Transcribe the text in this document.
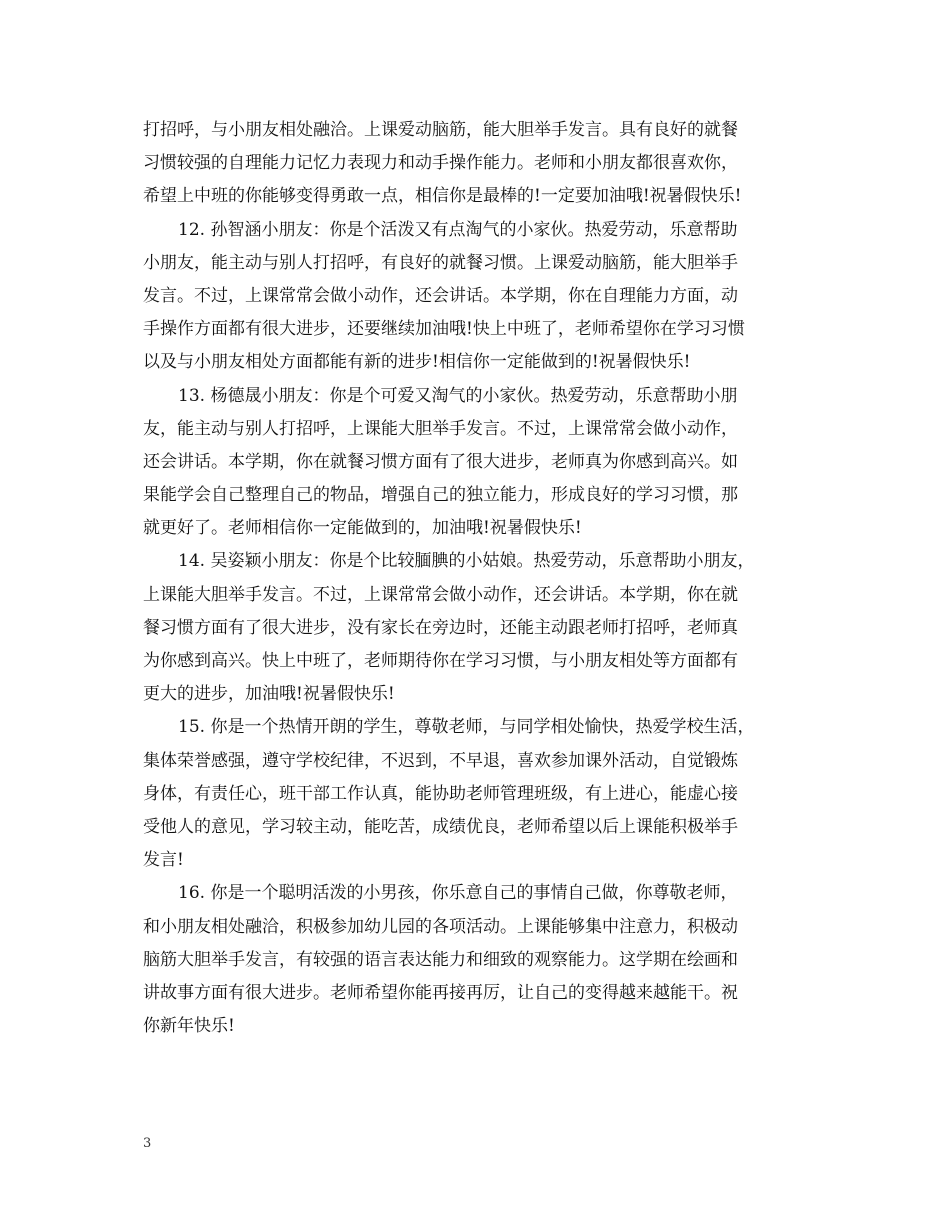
打招呼，与小朋友相处融洽。上课爱动脑筋，能大胆举手发言。具有良好的就餐
习惯较强的自理能力记忆力表现力和动手操作能力。老师和小朋友都很喜欢你，
希望上中班的你能够变得勇敢一点，相信你是最棒的!一定要加油哦!祝暑假快乐!
12. 孙智涵小朋友：你是个活泼又有点淘气的小家伙。热爱劳动，乐意帮助
小朋友，能主动与别人打招呼，有良好的就餐习惯。上课爱动脑筋，能大胆举手
发言。不过，上课常常会做小动作，还会讲话。本学期，你在自理能力方面，动
手操作方面都有很大进步，还要继续加油哦!快上中班了，老师希望你在学习习惯
以及与小朋友相处方面都能有新的进步!相信你一定能做到的!祝暑假快乐!
13. 杨德晟小朋友：你是个可爱又淘气的小家伙。热爱劳动，乐意帮助小朋
友，能主动与别人打招呼，上课能大胆举手发言。不过，上课常常会做小动作，
还会讲话。本学期，你在就餐习惯方面有了很大进步，老师真为你感到高兴。如
果能学会自己整理自己的物品，增强自己的独立能力，形成良好的学习习惯，那
就更好了。老师相信你一定能做到的，加油哦!祝暑假快乐!
14. 吴姿颖小朋友：你是个比较腼腆的小姑娘。热爱劳动，乐意帮助小朋友，
上课能大胆举手发言。不过，上课常常会做小动作，还会讲话。本学期，你在就
餐习惯方面有了很大进步，没有家长在旁边时，还能主动跟老师打招呼，老师真
为你感到高兴。快上中班了，老师期待你在学习习惯，与小朋友相处等方面都有
更大的进步，加油哦!祝暑假快乐!
15. 你是一个热情开朗的学生，尊敬老师，与同学相处愉快，热爱学校生活，
集体荣誉感强，遵守学校纪律，不迟到，不早退，喜欢参加课外活动，自觉锻炼
身体，有责任心，班干部工作认真，能协助老师管理班级，有上进心，能虚心接
受他人的意见，学习较主动，能吃苦，成绩优良，老师希望以后上课能积极举手
发言!
16. 你是一个聪明活泼的小男孩，你乐意自己的事情自己做，你尊敬老师，
和小朋友相处融洽，积极参加幼儿园的各项活动。上课能够集中注意力，积极动
脑筋大胆举手发言，有较强的语言表达能力和细致的观察能力。这学期在绘画和
讲故事方面有很大进步。老师希望你能再接再厉，让自己的变得越来越能干。祝
你新年快乐!
3
